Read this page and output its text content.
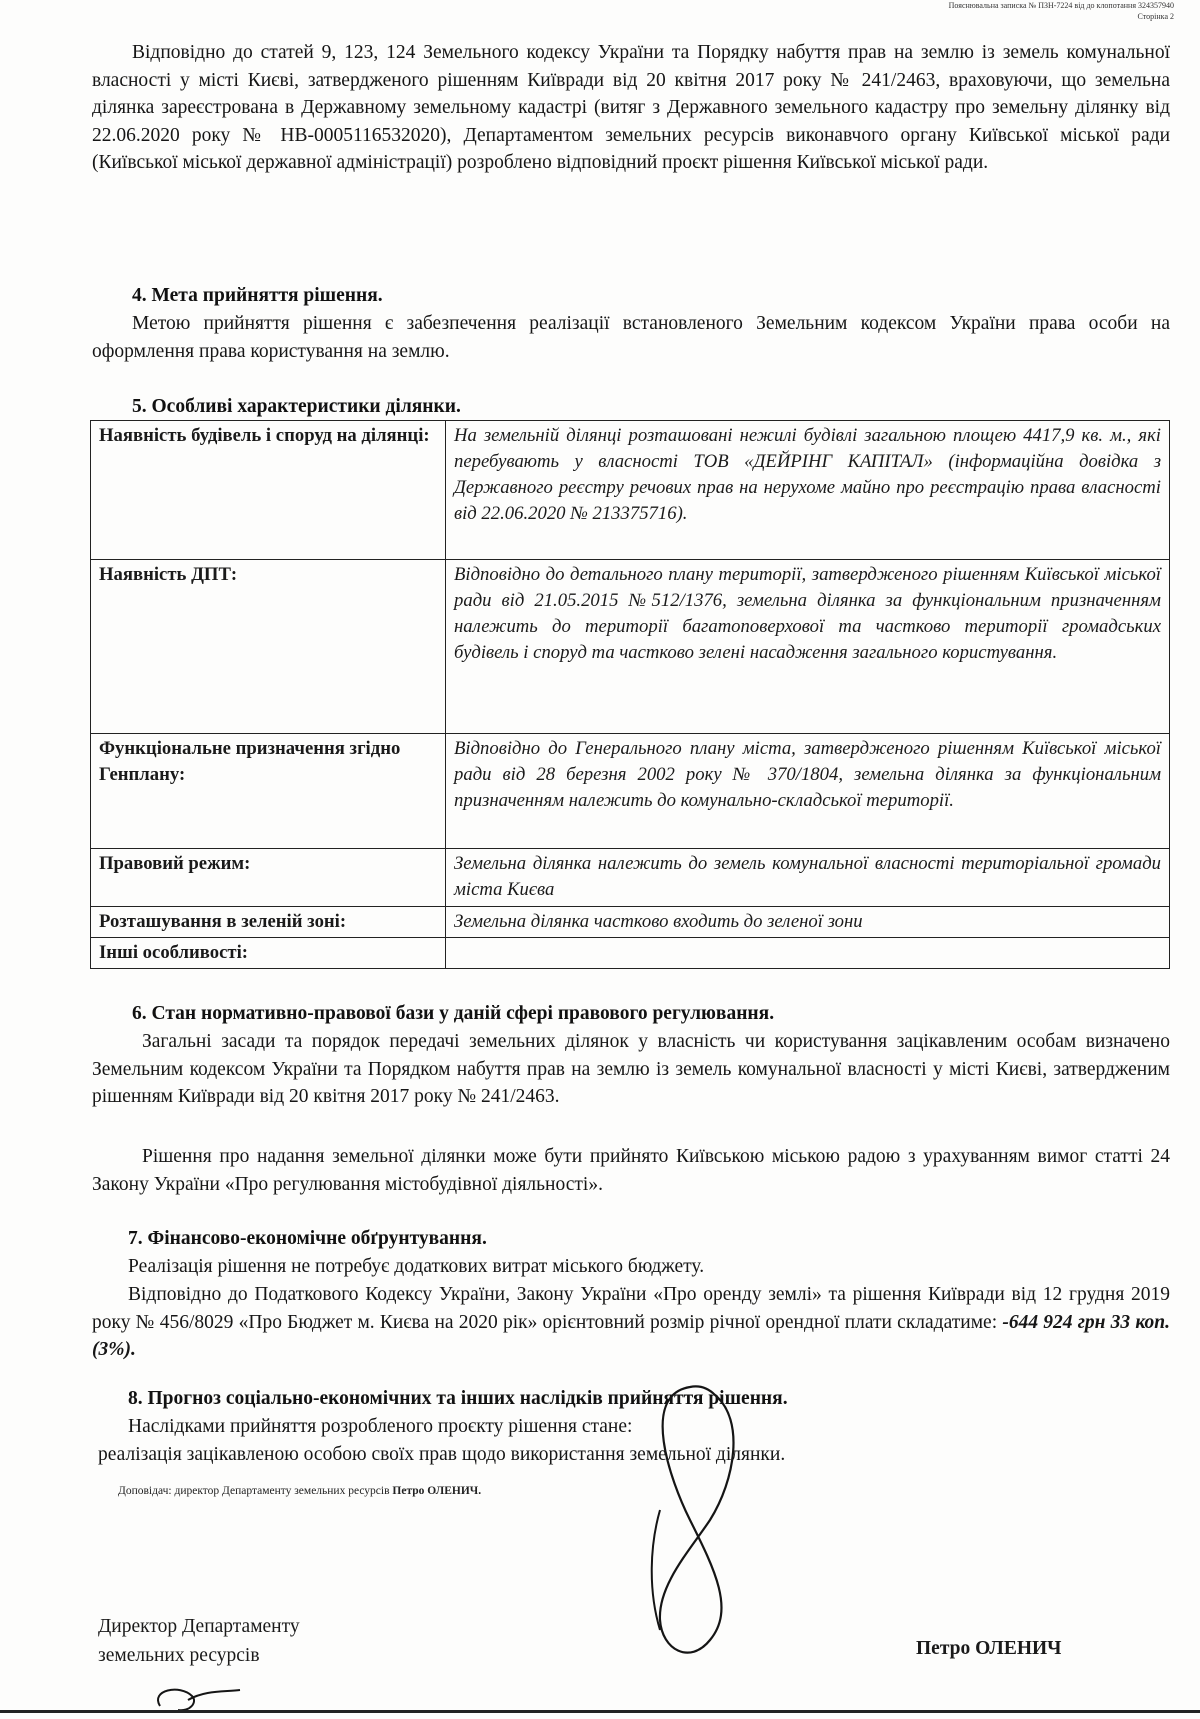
Пояснювальна записка № ПЗН-7224 від до клопотання 324357940
Сторінка 2
Відповідно до статей 9, 123, 124 Земельного кодексу України та Порядку набуття прав на землю із земель комунальної власності у місті Києві, затвердженого рішенням Київради від 20 квітня 2017 року № 241/2463, враховуючи, що земельна ділянка зареєстрована в Державному земельному кадастрі (витяг з Державного земельного кадастру про земельну ділянку від 22.06.2020 року № НВ-0005116532020), Департаментом земельних ресурсів виконавчого органу Київської міської ради (Київської міської державної адміністрації) розроблено відповідний проєкт рішення Київської міської ради.
4. Мета прийняття рішення.
Метою прийняття рішення є забезпечення реалізації встановленого Земельним кодексом України права особи на оформлення права користування на землю.
5. Особливі характеристики ділянки.
Наявність будівель і споруд на ділянці:	На земельній ділянці розташовані нежилі будівлі загальною площею 4417,9 кв. м., які перебувають у власності ТОВ «ДЕЙРІНГ КАПІТАЛ» (інформаційна довідка з Державного реєстру речових прав на нерухоме майно про реєстрацію права власності від 22.06.2020 № 213375716).
Наявність ДПТ:	Відповідно до детального плану території, затвердженого рішенням Київської міської ради від 21.05.2015 №512/1376, земельна ділянка за функціональним призначенням належить до території багатоповерхової та частково території громадських будівель і споруд та частково зелені насадження загального користування.
Функціональне призначення згідно Генплану:	Відповідно до Генерального плану міста, затвердженого рішенням Київської міської ради від 28 березня 2002 року № 370/1804, земельна ділянка за функціональним призначенням належить до комунально-складської території.
Правовий режим:	Земельна ділянка належить до земель комунальної власності територіальної громади міста Києва
Розташування в зеленій зоні:	Земельна ділянка частково входить до зеленої зони
Інші особливості:	
6. Стан нормативно-правової бази у даній сфері правового регулювання.
Загальні засади та порядок передачі земельних ділянок у власність чи користування зацікавленим особам визначено Земельним кодексом України та Порядком набуття прав на землю із земель комунальної власності у місті Києві, затвердженим рішенням Київради від 20 квітня 2017 року № 241/2463.
Рішення про надання земельної ділянки може бути прийнято Київською міською радою з урахуванням вимог статті 24 Закону України «Про регулювання містобудівної діяльності».
7. Фінансово-економічне обґрунтування.
Реалізація рішення не потребує додаткових витрат міського бюджету.
Відповідно до Податкового Кодексу України, Закону України «Про оренду землі» та рішення Київради від 12 грудня 2019 року № 456/8029 «Про Бюджет м. Києва на 2020 рік» орієнтовний розмір річної орендної плати складатиме: -644 924 грн 33 коп. (3%).
8. Прогноз соціально-економічних та інших наслідків прийняття рішення.
Наслідками прийняття розробленого проєкту рішення стане:
реалізація зацікавленою особою своїх прав щодо використання земельної ділянки.
Доповідач: директор Департаменту земельних ресурсів Петро ОЛЕНИЧ.
Директор Департаменту
земельних ресурсів	Петро ОЛЕНИЧ
